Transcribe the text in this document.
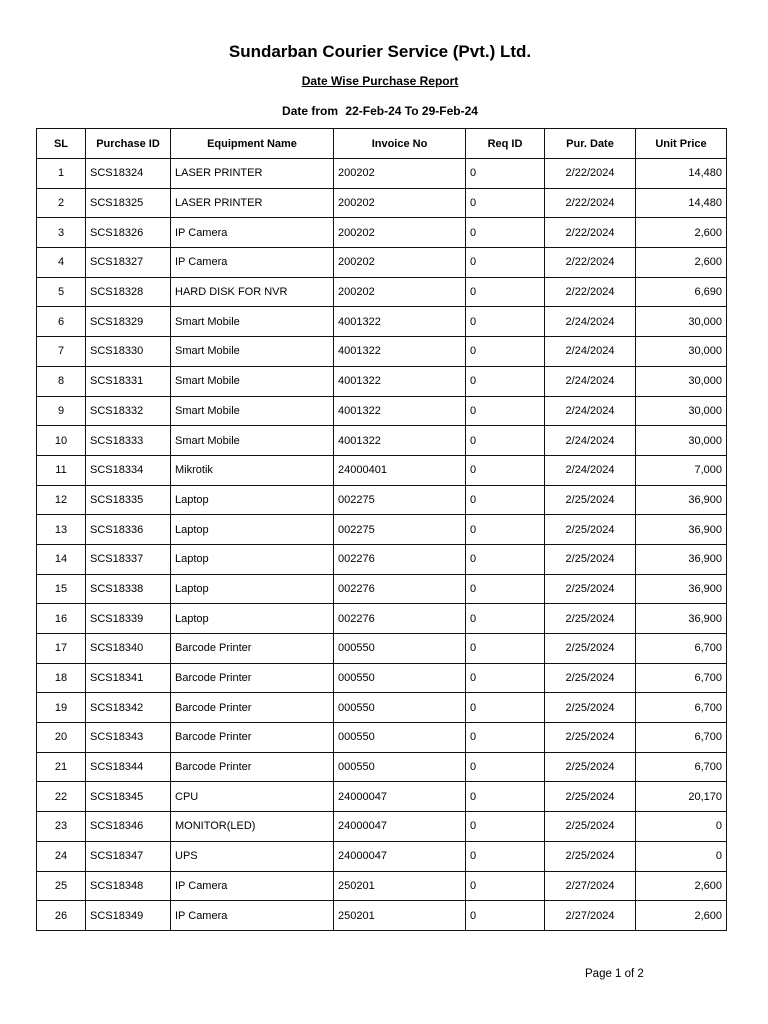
Sundarban Courier Service (Pvt.) Ltd.
Date Wise Purchase Report
Date from 22-Feb-24 To 29-Feb-24
SL	Purchase ID	Equipment Name	Invoice No	Req ID	Pur. Date	Unit Price
1	SCS18324	LASER PRINTER	200202	0	2/22/2024	14,480
2	SCS18325	LASER PRINTER	200202	0	2/22/2024	14,480
3	SCS18326	IP Camera	200202	0	2/22/2024	2,600
4	SCS18327	IP Camera	200202	0	2/22/2024	2,600
5	SCS18328	HARD DISK FOR NVR	200202	0	2/22/2024	6,690
6	SCS18329	Smart Mobile	4001322	0	2/24/2024	30,000
7	SCS18330	Smart Mobile	4001322	0	2/24/2024	30,000
8	SCS18331	Smart Mobile	4001322	0	2/24/2024	30,000
9	SCS18332	Smart Mobile	4001322	0	2/24/2024	30,000
10	SCS18333	Smart Mobile	4001322	0	2/24/2024	30,000
11	SCS18334	Mikrotik	24000401	0	2/24/2024	7,000
12	SCS18335	Laptop	002275	0	2/25/2024	36,900
13	SCS18336	Laptop	002275	0	2/25/2024	36,900
14	SCS18337	Laptop	002276	0	2/25/2024	36,900
15	SCS18338	Laptop	002276	0	2/25/2024	36,900
16	SCS18339	Laptop	002276	0	2/25/2024	36,900
17	SCS18340	Barcode Printer	000550	0	2/25/2024	6,700
18	SCS18341	Barcode Printer	000550	0	2/25/2024	6,700
19	SCS18342	Barcode Printer	000550	0	2/25/2024	6,700
20	SCS18343	Barcode Printer	000550	0	2/25/2024	6,700
21	SCS18344	Barcode Printer	000550	0	2/25/2024	6,700
22	SCS18345	CPU	24000047	0	2/25/2024	20,170
23	SCS18346	MONITOR(LED)	24000047	0	2/25/2024	0
24	SCS18347	UPS	24000047	0	2/25/2024	0
25	SCS18348	IP Camera	250201	0	2/27/2024	2,600
26	SCS18349	IP Camera	250201	0	2/27/2024	2,600
Page 1 of 2
